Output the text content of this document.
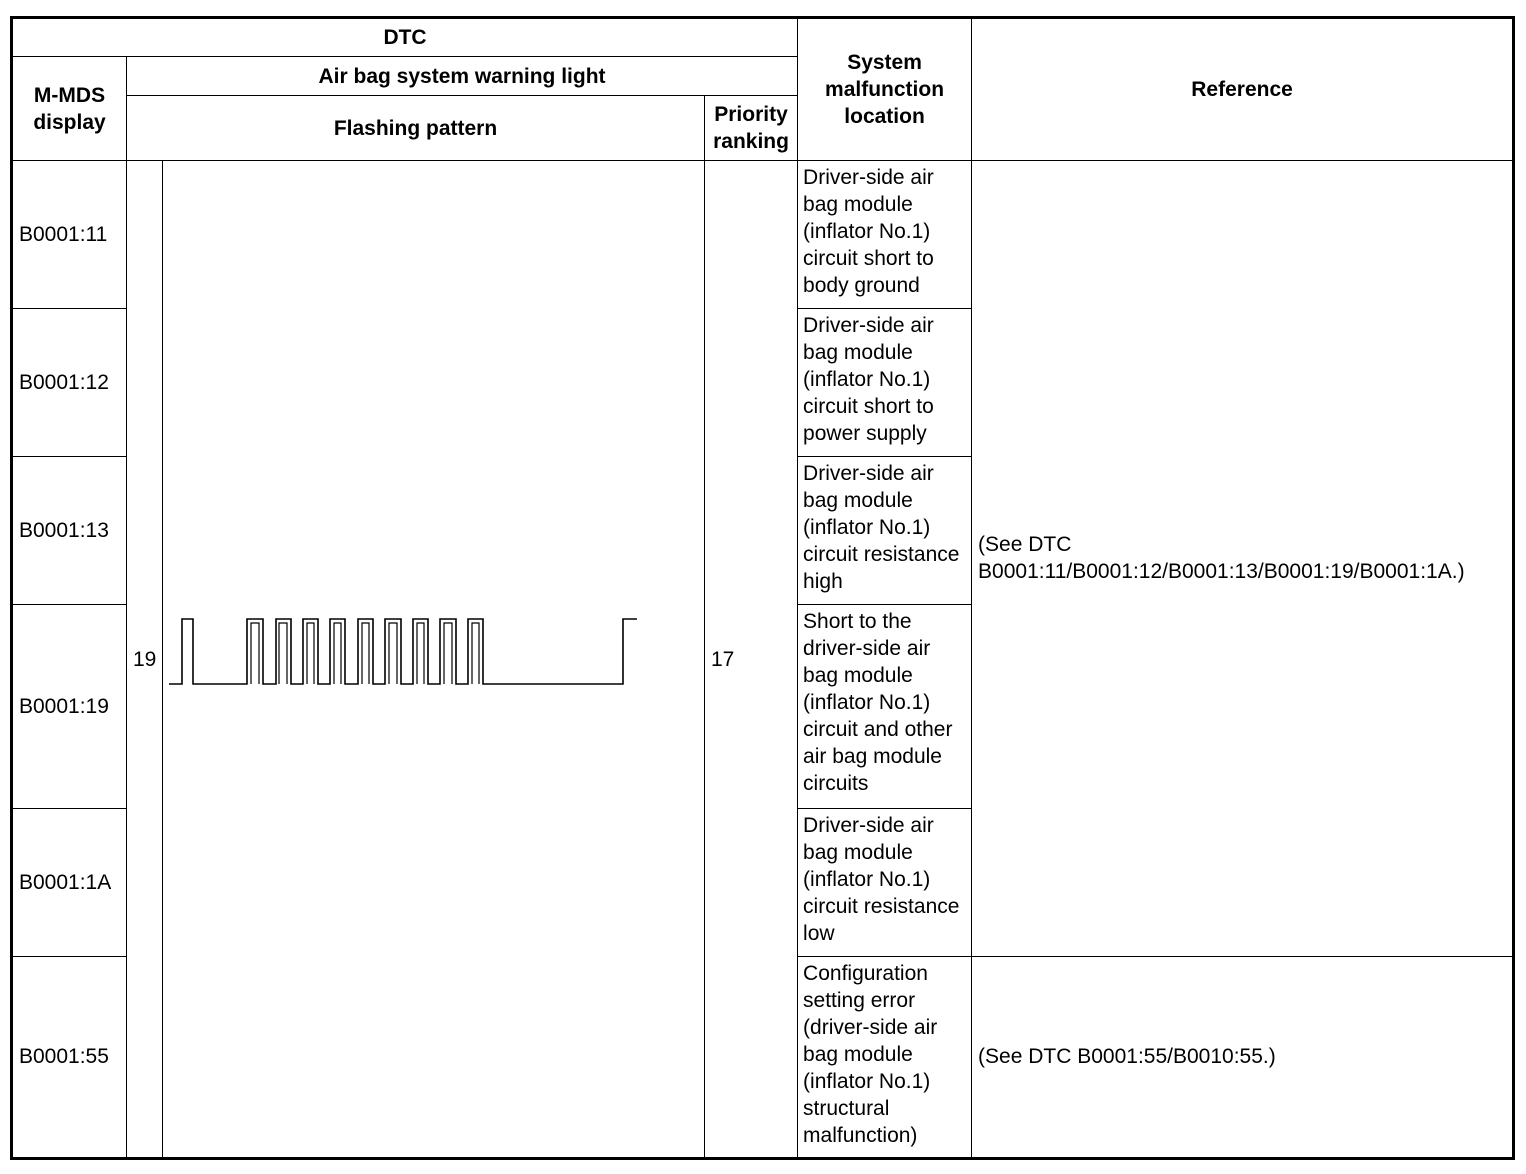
DTC				System malfunction location	Reference
M-MDS display	Air bag system warning light				
	Flashing pattern		Priority ranking		
B0001:11	19		17	Driver-side air bag module (inflator No.1) circuit short to body ground	(See DTC B0001:11/B0001:12/B0001:13/B0001:19/B0001:1A.)
B0001:12				Driver-side air bag module (inflator No.1) circuit short to power supply	
B0001:13				Driver-side air bag module (inflator No.1) circuit resistance high	
B0001:19				Short to the driver-side air bag module (inflator No.1) circuit and other air bag module circuits	
B0001:1A				Driver-side air bag module (inflator No.1) circuit resistance low	
B0001:55				Configuration setting error (driver-side air bag module (inflator No.1) structural malfunction)	(See DTC B0001:55/B0010:55.)
